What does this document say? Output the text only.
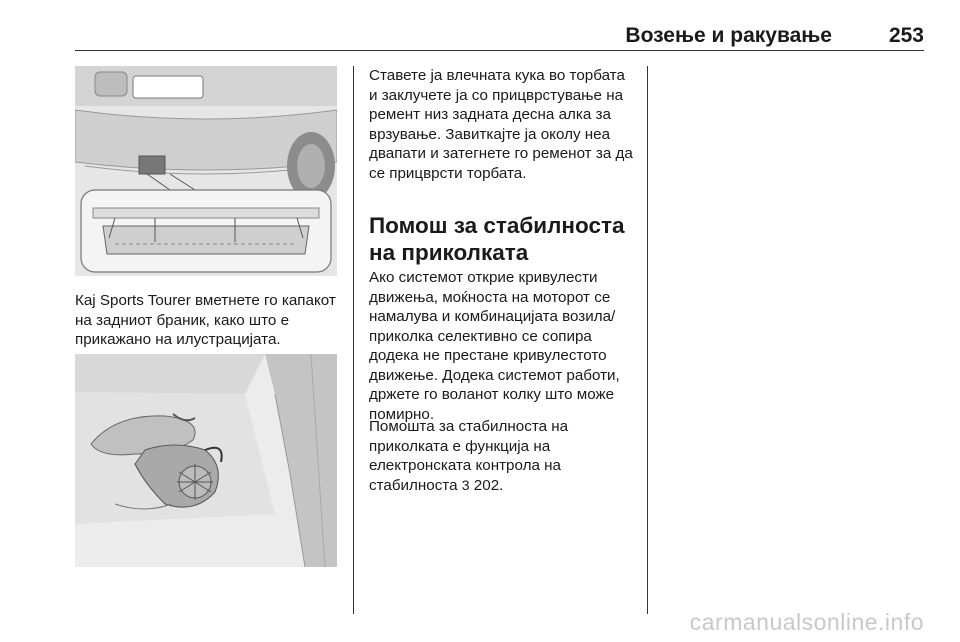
Возење и ракување	253

Кај Sports Tourer вметнете го капакот на задниот браник, како што е прикажано на илустрацијата.

Ставете ја влечната кука во торбата и заклучете ја со прицврстување на ремент низ задната десна алка за врзување. Завиткајте ја околу неа двапати и затегнете го ременот за да се прицврсти торбата.

Помош за стабилноста на приколката

Ако системот открие кривулести движења, моќноста на моторот се намалува и комбинацијата возила/приколка селективно се сопира додека не престане кривулестото движење. Додека системот работи, држете го воланот колку што може помирно.

Помошта за стабилноста на приколката е функција на електронската контрола на стабилноста 3 202.

carmanualsonline.info
